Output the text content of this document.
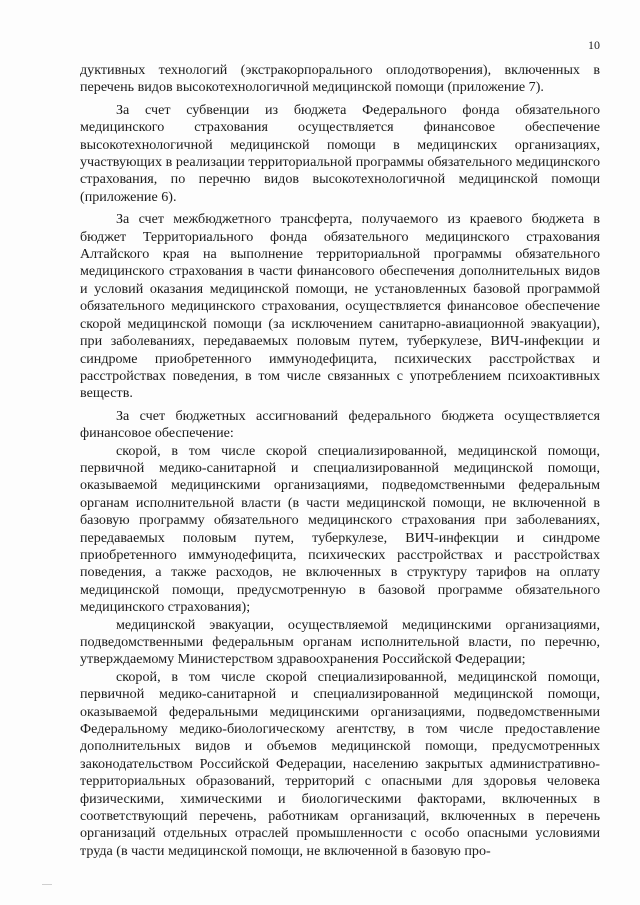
10

дуктивных технологий (экстракорпорального оплодотворения), включенных в перечень видов высокотехнологичной медицинской помощи (приложение 7).

За счет субвенции из бюджета Федерального фонда обязательного медицинского страхования осуществляется финансовое обеспечение высокотехнологичной медицинской помощи в медицинских организациях, участвующих в реализации территориальной программы обязательного медицинского страхования, по перечню видов высокотехнологичной медицинской помощи (приложение 6).

За счет межбюджетного трансферта, получаемого из краевого бюджета в бюджет Территориального фонда обязательного медицинского страхования Алтайского края на выполнение территориальной программы обязательного медицинского страхования в части финансового обеспечения дополнительных видов и условий оказания медицинской помощи, не установленных базовой программой обязательного медицинского страхования, осуществляется финансовое обеспечение скорой медицинской помощи (за исключением санитарно-авиационной эвакуации), при заболеваниях, передаваемых половым путем, туберкулезе, ВИЧ-инфекции и синдроме приобретенного иммунодефицита, психических расстройствах и расстройствах поведения, в том числе связанных с употреблением психоактивных веществ.

За счет бюджетных ассигнований федерального бюджета осуществляется финансовое обеспечение:

скорой, в том числе скорой специализированной, медицинской помощи, первичной медико-санитарной и специализированной медицинской помощи, оказываемой медицинскими организациями, подведомственными федеральным органам исполнительной власти (в части медицинской помощи, не включенной в базовую программу обязательного медицинского страхования при заболеваниях, передаваемых половым путем, туберкулезе, ВИЧ-инфекции и синдроме приобретенного иммунодефицита, психических расстройствах и расстройствах поведения, а также расходов, не включенных в структуру тарифов на оплату медицинской помощи, предусмотренную в базовой программе обязательного медицинского страхования);

медицинской эвакуации, осуществляемой медицинскими организациями, подведомственными федеральным органам исполнительной власти, по перечню, утверждаемому Министерством здравоохранения Российской Федерации;

скорой, в том числе скорой специализированной, медицинской помощи, первичной медико-санитарной и специализированной медицинской помощи, оказываемой федеральными медицинскими организациями, подведомственными Федеральному медико-биологическому агентству, в том числе предоставление дополнительных видов и объемов медицинской помощи, предусмотренных законодательством Российской Федерации, населению закрытых административно-территориальных образований, территорий с опасными для здоровья человека физическими, химическими и биологическими факторами, включенных в соответствующий перечень, работникам организаций, включенных в перечень организаций отдельных отраслей промышленности с особо опасными условиями труда (в части медицинской помощи, не включенной в базовую про-
